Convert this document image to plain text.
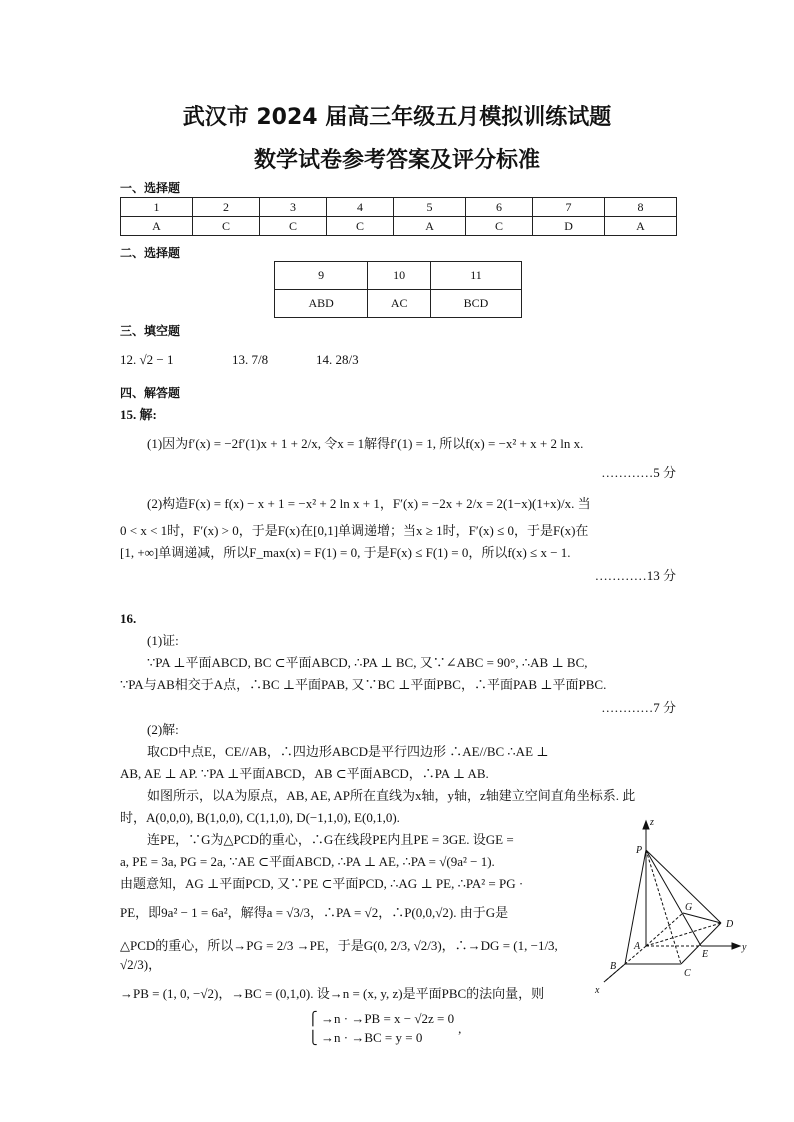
武汉市 2024 届高三年级五月模拟训练试题
数学试卷参考答案及评分标准
一、选择题
1	2	3	4	5	6	7	8
A	C	C	C	A	C	D	A
二、选择题
9	10	11
ABD	AC	BCD
三、填空题
12. √2 − 1	13. 7/8	14. 28/3
四、解答题
15. 解:
(1)因为f′(x) = −2f′(1)x + 1 + 2/x, 令x = 1解得f′(1) = 1, 所以f(x) = −x² + x + 2 ln x.
…………5 分
(2)构造F(x) = f(x) − x + 1 = −x² + 2 ln x + 1，F′(x) = −2x + 2/x = 2(1−x)(1+x)/x. 当
0 < x < 1时，F′(x) > 0，于是F(x)在[0,1]单调递增；当x ≥ 1时，F′(x) ≤ 0，于是F(x)在
[1, +∞]单调递减，所以F_max(x) = F(1) = 0, 于是F(x) ≤ F(1) = 0，所以f(x) ≤ x − 1.
…………13 分
16.
(1)证:
∵PA ⊥平面ABCD, BC ⊂平面ABCD, ∴PA ⊥ BC, 又∵∠ABC = 90°, ∴AB ⊥ BC,
∵PA与AB相交于A点，∴BC ⊥平面PAB, 又∵BC ⊥平面PBC，∴平面PAB ⊥平面PBC.
…………7 分
(2)解:
取CD中点E，CE//AB，∴四边形ABCD是平行四边形 ∴AE//BC ∴AE ⊥
AB, AE ⊥ AP. ∵PA ⊥平面ABCD，AB ⊂平面ABCD，∴PA ⊥ AB.
如图所示，以A为原点，AB, AE, AP所在直线为x轴，y轴，z轴建立空间直角坐标系. 此
z
P
G
D
A
E
y
B
C
x
时，A(0,0,0), B(1,0,0), C(1,1,0), D(−1,1,0), E(0,1,0).
连PE，∵G为△PCD的重心，∴G在线段PE内且PE = 3GE. 设GE =
a, PE = 3a, PG = 2a, ∵AE ⊂平面ABCD, ∴PA ⊥ AE, ∴PA = √(9a² − 1).
由题意知，AG ⊥平面PCD, 又∵PE ⊂平面PCD, ∴AG ⊥ PE, ∴PA² = PG ·
PE，即9a² − 1 = 6a²，解得a = √3/3，∴PA = √2，∴P(0,0,√2). 由于G是
△PCD的重心，所以→PG = 2/3 →PE，于是G(0, 2/3, √2/3)，∴→DG = (1, −1/3, √2/3)，
→PB = (1, 0, −√2)，→BC = (0,1,0). 设→n = (x, y, z)是平面PBC的法向量，则
⎧ →n · →PB = x − √2z = 0
⎩ →n · →BC = y = 0
,
